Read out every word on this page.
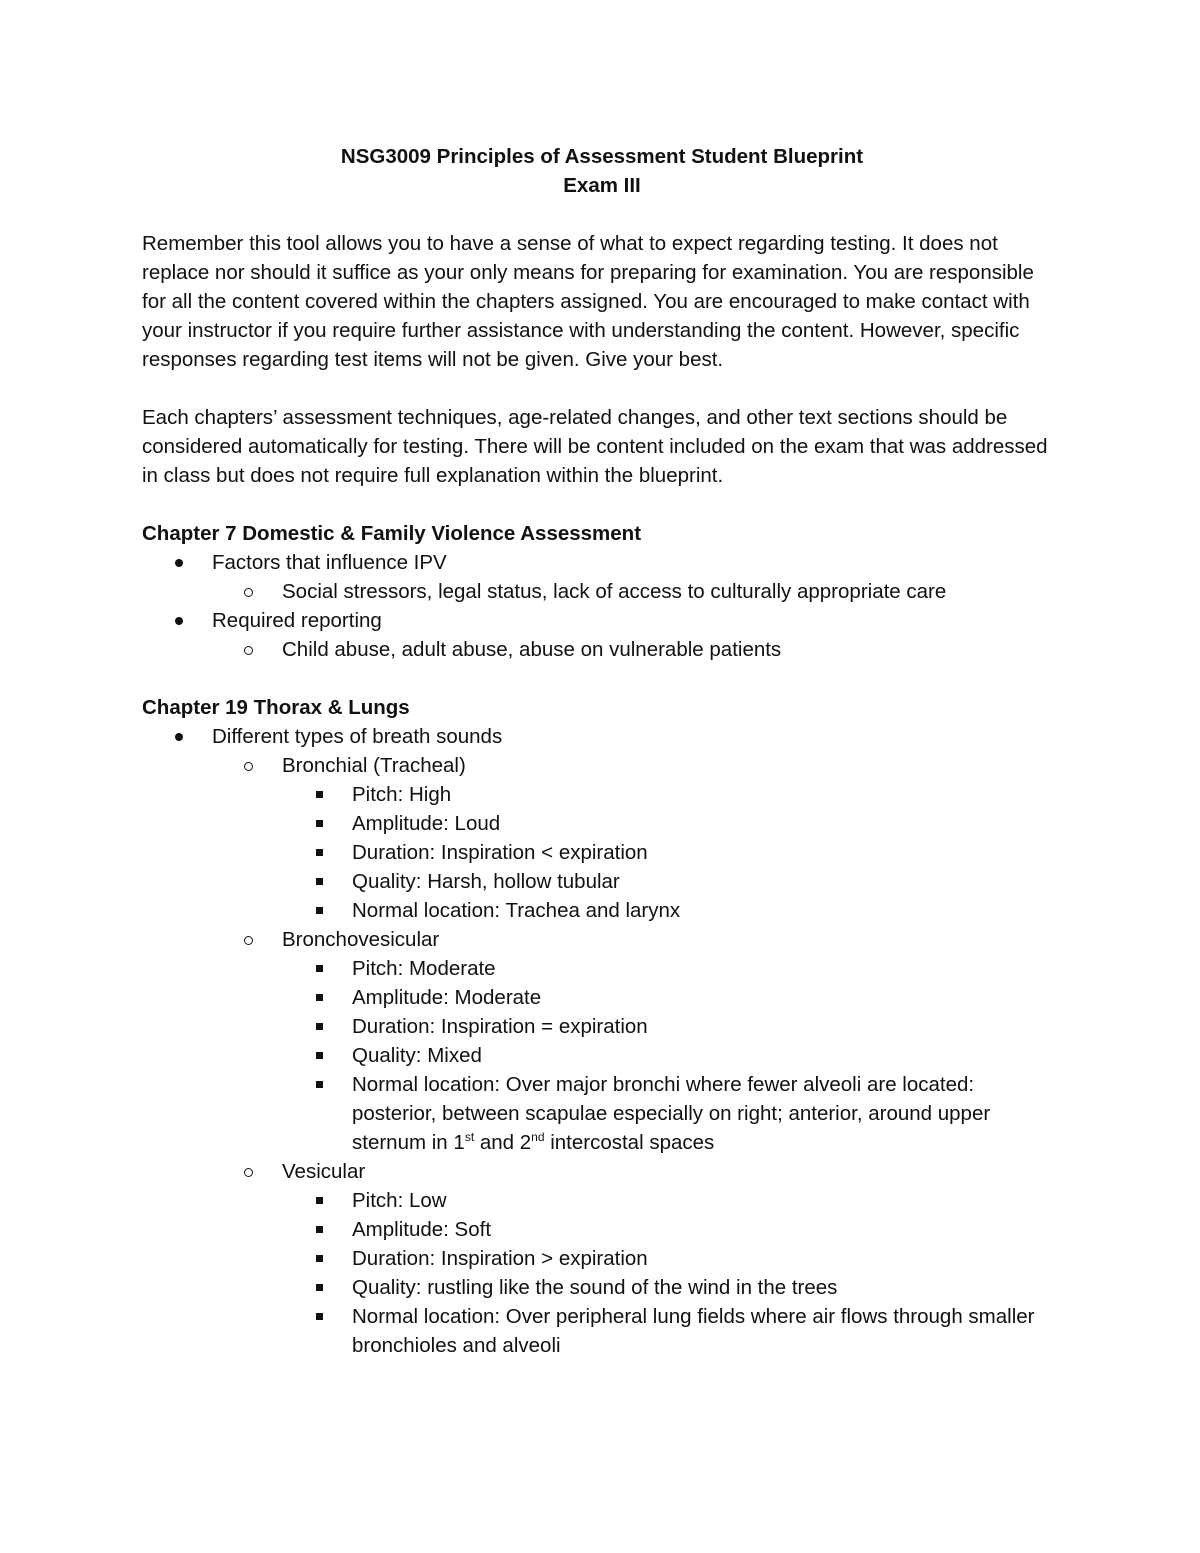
NSG3009 Principles of Assessment Student Blueprint

Exam III

Remember this tool allows you to have a sense of what to expect regarding testing. It does not replace nor should it suffice as your only means for preparing for examination. You are responsible for all the content covered within the chapters assigned. You are encouraged to make contact with your instructor if you require further assistance with understanding the content. However, specific responses regarding test items will not be given. Give your best.

Each chapters’ assessment techniques, age-related changes, and other text sections should be considered automatically for testing. There will be content included on the exam that was addressed in class but does not require full explanation within the blueprint.

Chapter 7 Domestic & Family Violence Assessment

Factors that influence IPV
Social stressors, legal status, lack of access to culturally appropriate care
Required reporting
Child abuse, adult abuse, abuse on vulnerable patients

Chapter 19 Thorax & Lungs

Different types of breath sounds
Bronchial (Tracheal)
Pitch: High
Amplitude: Loud
Duration: Inspiration < expiration
Quality: Harsh, hollow tubular
Normal location: Trachea and larynx
Bronchovesicular
Pitch: Moderate
Amplitude: Moderate
Duration: Inspiration = expiration
Quality: Mixed
Normal location: Over major bronchi where fewer alveoli are located: posterior, between scapulae especially on right; anterior, around upper sternum in 1st and 2nd intercostal spaces
Vesicular
Pitch: Low
Amplitude: Soft
Duration: Inspiration > expiration
Quality: rustling like the sound of the wind in the trees
Normal location: Over peripheral lung fields where air flows through smaller bronchioles and alveoli
